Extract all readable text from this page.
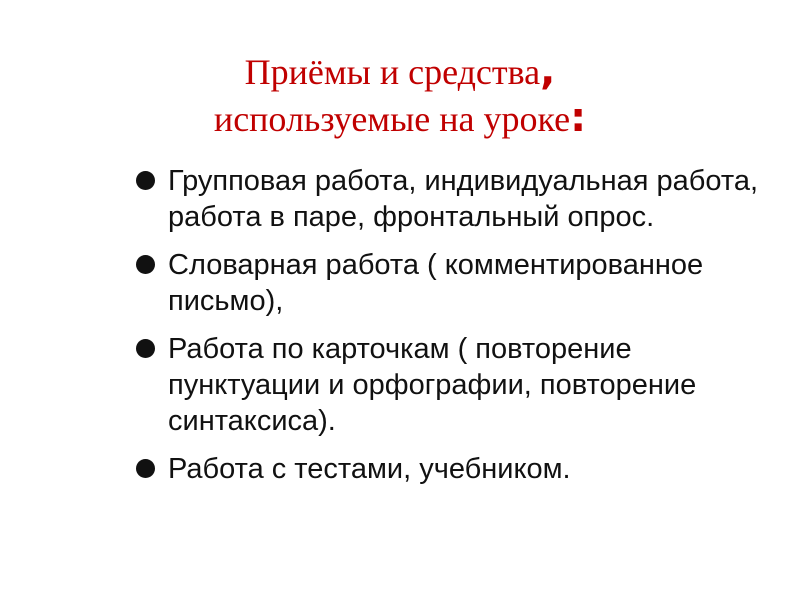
Приёмы и средства,
используемые на уроке:
Групповая работа, индивидуальная работа, работа в паре, фронтальный опрос.
Словарная работа ( комментированное письмо),
Работа по карточкам ( повторение пунктуации и орфографии, повторение синтаксиса).
Работа с тестами, учебником.
